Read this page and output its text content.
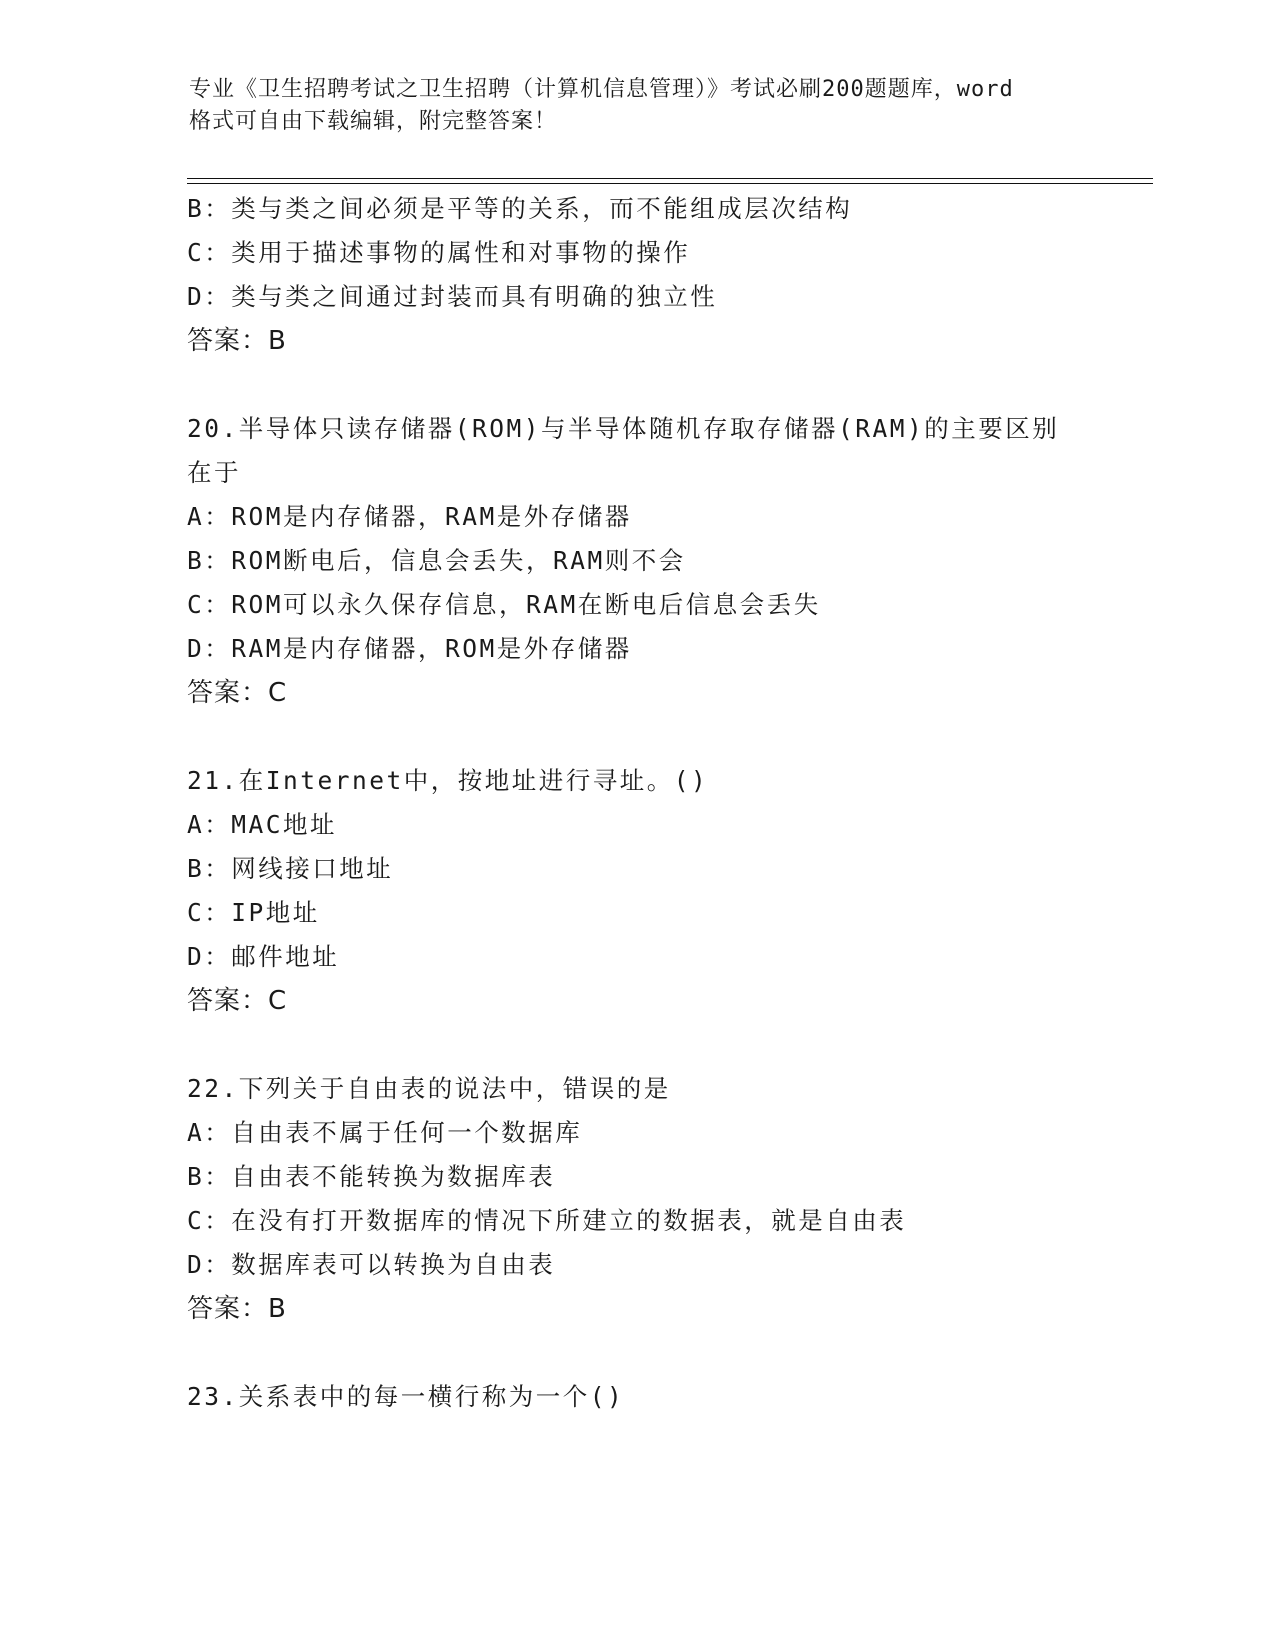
专业《卫生招聘考试之卫生招聘（计算机信息管理）》考试必刷200题题库，word
格式可自由下载编辑，附完整答案！
B：类与类之间必须是平等的关系，而不能组成层次结构
C：类用于描述事物的属性和对事物的操作
D：类与类之间通过封装而具有明确的独立性
答案：B
20.半导体只读存储器(ROM)与半导体随机存取存储器(RAM)的主要区别
在于
A：ROM是内存储器，RAM是外存储器
B：ROM断电后，信息会丢失，RAM则不会
C：ROM可以永久保存信息，RAM在断电后信息会丢失
D：RAM是内存储器，ROM是外存储器
答案：C
21.在Internet中，按地址进行寻址。()
A：MAC地址
B：网线接口地址
C：IP地址
D：邮件地址
答案：C
22.下列关于自由表的说法中，错误的是
A：自由表不属于任何一个数据库
B：自由表不能转换为数据库表
C：在没有打开数据库的情况下所建立的数据表，就是自由表
D：数据库表可以转换为自由表
答案：B
23.关系表中的每一横行称为一个()
